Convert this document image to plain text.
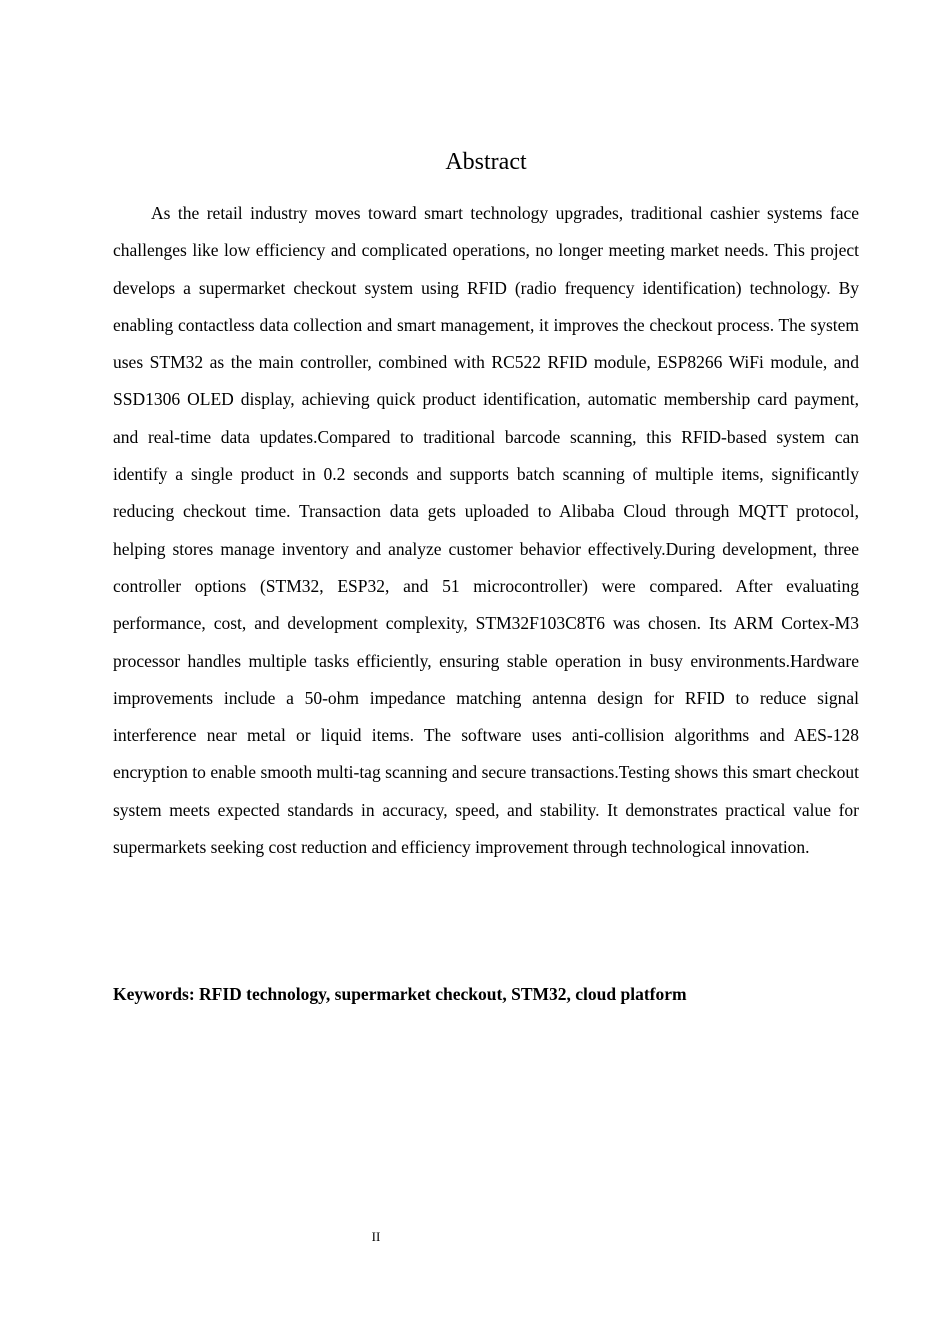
Abstract

As the retail industry moves toward smart technology upgrades, traditional cashier systems face challenges like low efficiency and complicated operations, no longer meeting market needs. This project develops a supermarket checkout system using RFID (radio frequency identification) technology. By enabling contactless data collection and smart management, it improves the checkout process. The system uses STM32 as the main controller, combined with RC522 RFID module, ESP8266 WiFi module, and SSD1306 OLED display, achieving quick product identification, automatic membership card payment, and real-time data updates.Compared to traditional barcode scanning, this RFID-based system can identify a single product in 0.2 seconds and supports batch scanning of multiple items, significantly reducing checkout time. Transaction data gets uploaded to Alibaba Cloud through MQTT protocol, helping stores manage inventory and analyze customer behavior effectively.During development, three controller options (STM32, ESP32, and 51 microcontroller) were compared. After evaluating performance, cost, and development complexity, STM32F103C8T6 was chosen. Its ARM Cortex-M3 processor handles multiple tasks efficiently, ensuring stable operation in busy environments.Hardware improvements include a 50-ohm impedance matching antenna design for RFID to reduce signal interference near metal or liquid items. The software uses anti-collision algorithms and AES-128 encryption to enable smooth multi-tag scanning and secure transactions.Testing shows this smart checkout system meets expected standards in accuracy, speed, and stability. It demonstrates practical value for supermarkets seeking cost reduction and efficiency improvement through technological innovation.

Keywords: RFID technology, supermarket checkout, STM32, cloud platform

II
